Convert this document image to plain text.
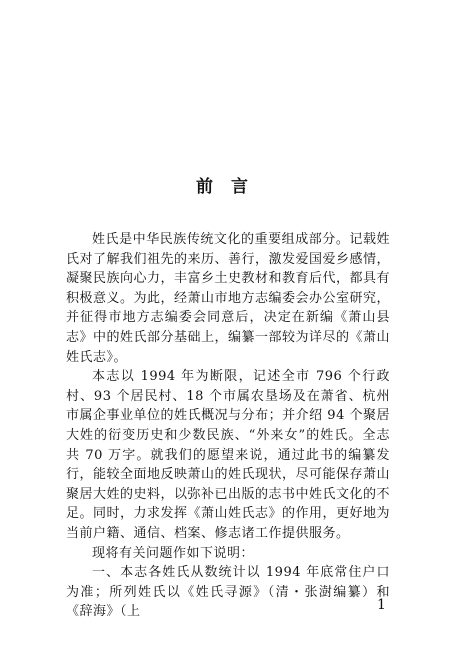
前 言

姓氏是中华民族传统文化的重要组成部分。记载姓氏对了解我们祖先的来历、善行，激发爱国爱乡感情，凝聚民族向心力，丰富乡土史教材和教育后代，都具有积极意义。为此，经萧山市地方志编委会办公室研究，并征得市地方志编委会同意后，决定在新编《萧山县志》中的姓氏部分基础上，编纂一部较为详尽的《萧山姓氏志》。

本志以 1994 年为断限，记述全市 796 个行政村、93 个居民村、18 个市属农垦场及在萧省、杭州市属企事业单位的姓氏概况与分布；并介绍 94 个聚居大姓的衍变历史和少数民族、“外来女”的姓氏。全志共 70 万字。就我们的愿望来说，通过此书的编纂发行，能较全面地反映萧山的姓氏现状，尽可能保存萧山聚居大姓的史料，以弥补已出版的志书中姓氏文化的不足。同时，力求发挥《萧山姓氏志》的作用，更好地为当前户籍、通信、档案、修志诸工作提供服务。

现将有关问题作如下说明：

一、本志各姓氏从数统计以 1994 年底常住户口为准；所列姓氏以《姓氏寻源》（清・张澍编纂）和《辞海》（上	1
